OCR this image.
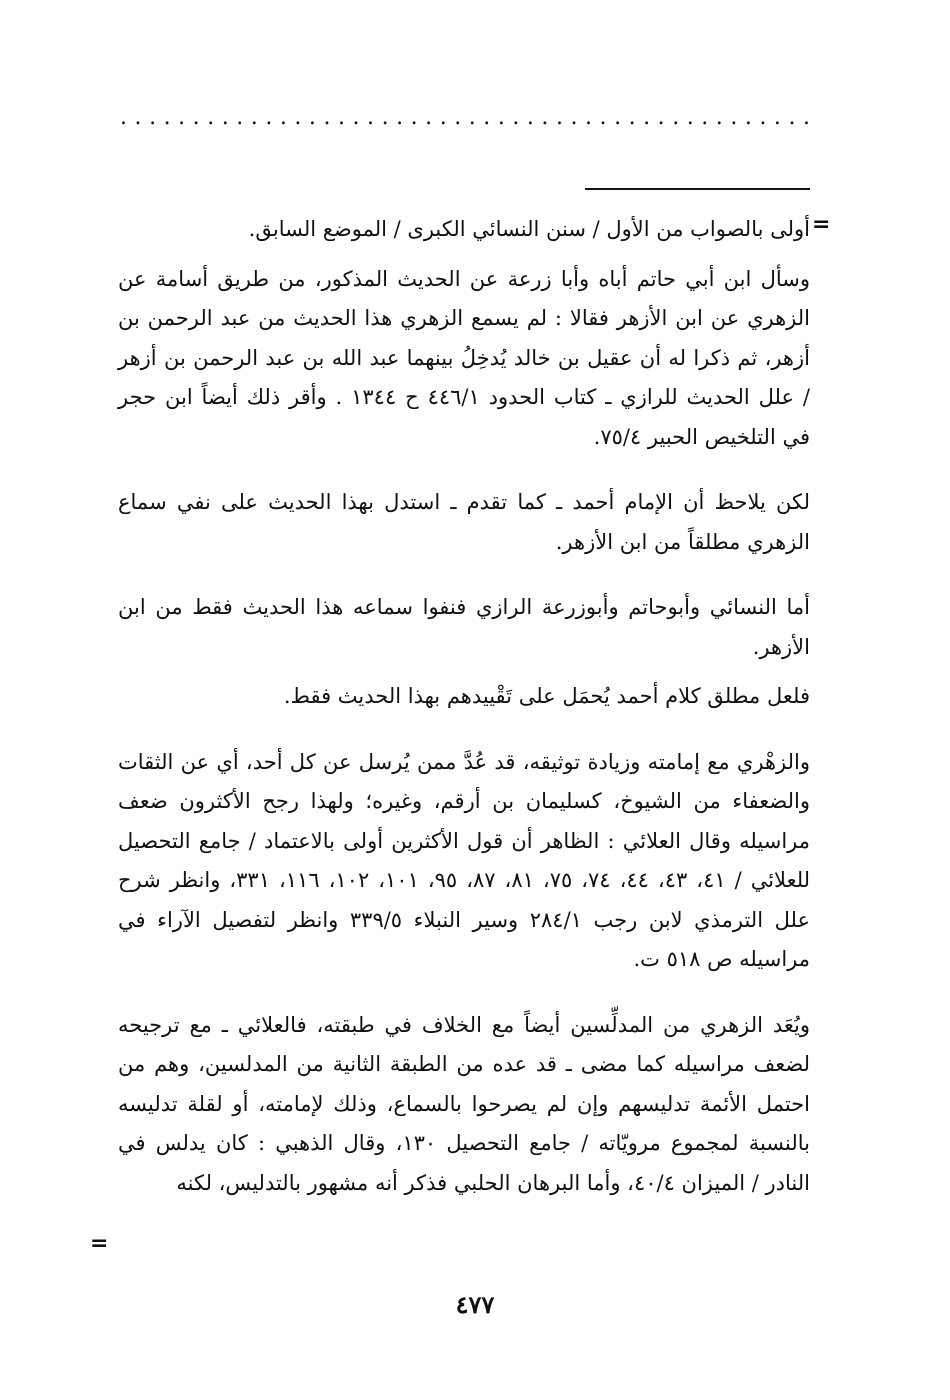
. . . . . . . . . . . . . . . . . . . . . . . . . . . . . . . . . . . . . . . . . . . . . . . .
=

أولى بالصواب من الأول / سنن النسائي الكبرى / الموضع السابق.

وسأل ابن أبي حاتم أباه وأبا زرعة عن الحديث المذكور، من طريق أسامة عن الزهري عن ابن الأزهر فقالا : لم يسمع الزهري هذا الحديث من عبد الرحمن بن أزهر، ثم ذكرا له أن عقيل بن خالد يُدخِلُ بينهما عبد الله بن عبد الرحمن بن أزهر / علل الحديث للرازي ـ كتاب الحدود ٤٤٦/١ ح ١٣٤٤ . وأقر ذلك أيضاً ابن حجر في التلخيص الحبير ٧٥/٤.

لكن يلاحظ أن الإمام أحمد ـ كما تقدم ـ استدل بهذا الحديث على نفي سماع الزهري مطلقاً من ابن الأزهر.

أما النسائي وأبوحاتم وأبوزرعة الرازي فنفوا سماعه هذا الحديث فقط من ابن الأزهر.

فلعل مطلق كلام أحمد يُحمَل على تَقْييدهم بهذا الحديث فقط.

والزهْري مع إمامته وزيادة توثيقه، قد عُدَّ ممن يُرسل عن كل أحد، أي عن الثقات والضعفاء من الشيوخ، كسليمان بن أرقم، وغيره؛ ولهذا رجح الأكثرون ضعف مراسيله وقال العلائي : الظاهر أن قول الأكثرين أولى بالاعتماد / جامع التحصيل للعلائي / ٤١، ٤٣، ٤٤، ٧٤، ٧٥، ٨١، ٨٧، ٩٥، ١٠١، ١٠٢، ١١٦، ٣٣١، وانظر شرح علل الترمذي لابن رجب ٢٨٤/١ وسير النبلاء ٣٣٩/٥ وانظر لتفصيل الآراء في مراسيله ص ٥١٨ ت.

ويُعَد الزهري من المدلِّسين أيضاً مع الخلاف في طبقته، فالعلائي ـ مع ترجيحه لضعف مراسيله كما مضى ـ قد عده من الطبقة الثانية من المدلسين، وهم من احتمل الأئمة تدليسهم وإن لم يصرحوا بالسماع، وذلك لإمامته، أو لقلة تدليسه بالنسبة لمجموع مرويّاته / جامع التحصيل ١٣٠، وقال الذهبي : كان يدلس في النادر / الميزان ٤٠/٤، وأما البرهان الحلبي فذكر أنه مشهور بالتدليس، لكنه

=
٤٧٧
